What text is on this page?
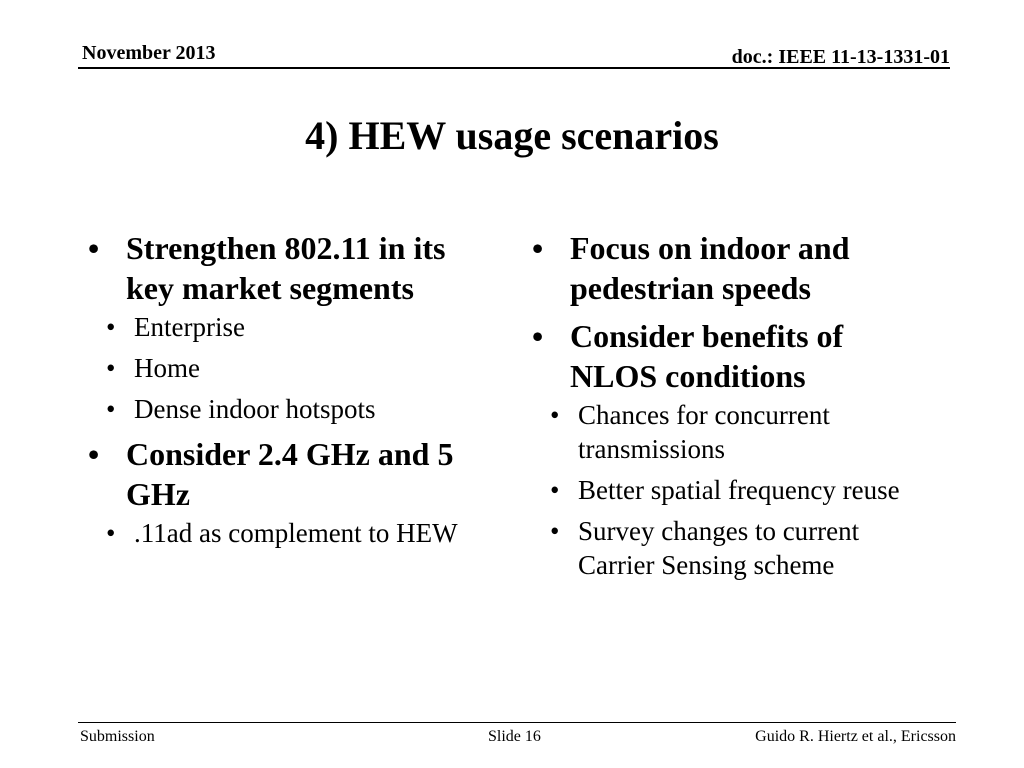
November 2013	doc.: IEEE 11-13-1331-01
4) HEW usage scenarios
• Strengthen 802.11 in its key market segments
• Enterprise
• Home
• Dense indoor hotspots
• Consider 2.4 GHz and 5 GHz
• .11ad as complement to HEW
• Focus on indoor and pedestrian speeds
• Consider benefits of NLOS conditions
• Chances for concurrent transmissions
• Better spatial frequency reuse
• Survey changes to current Carrier Sensing scheme
Submission	Slide 16	Guido R. Hiertz et al., Ericsson
